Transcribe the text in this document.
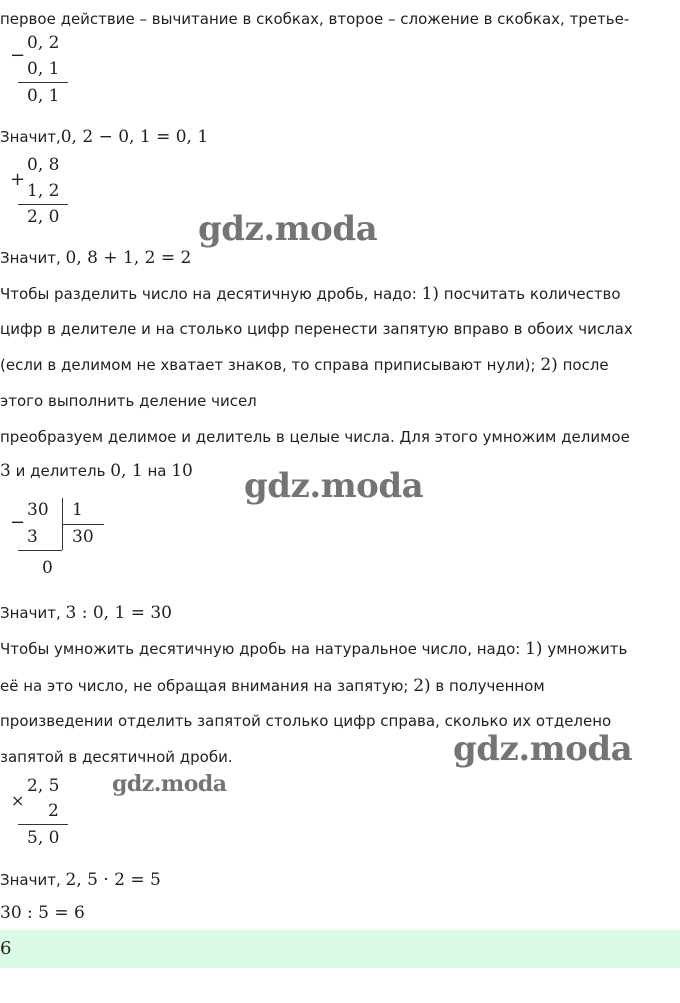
первое действие – вычитание в скобках, второе – сложение в скобках, третье-
−
0, 2
0, 1
0, 1
Значит,0, 2 − 0, 1 = 0, 1
+
0, 8
1, 2
2, 0	gdz.moda
Значит, 0, 8 + 1, 2 = 2
Чтобы разделить число на десятичную дробь, надо: 1) посчитать количество
цифр в делителе и на столько цифр перенести запятую вправо в обоих числах
(если в делимом не хватает знаков, то справа приписывают нули); 2) после
этого выполнить деление чисел
преобразуем делимое и делитель в целые числа. Для этого умножим делимое
3 и делитель 0, 1 на 10 gdz.moda
−
30 1
3 30
0
Значит, 3 : 0, 1 = 30
Чтобы умножить десятичную дробь на натуральное число, надо: 1) умножить
её на это число, не обращая внимания на запятую; 2) в полученном
произведении отделить запятой столько цифр справа, сколько их отделено
запятой в десятичной дроби.	gdz.moda
gdz.moda
×
2, 5
2
5, 0
Значит, 2, 5 · 2 = 5
30 : 5 = 6
6
